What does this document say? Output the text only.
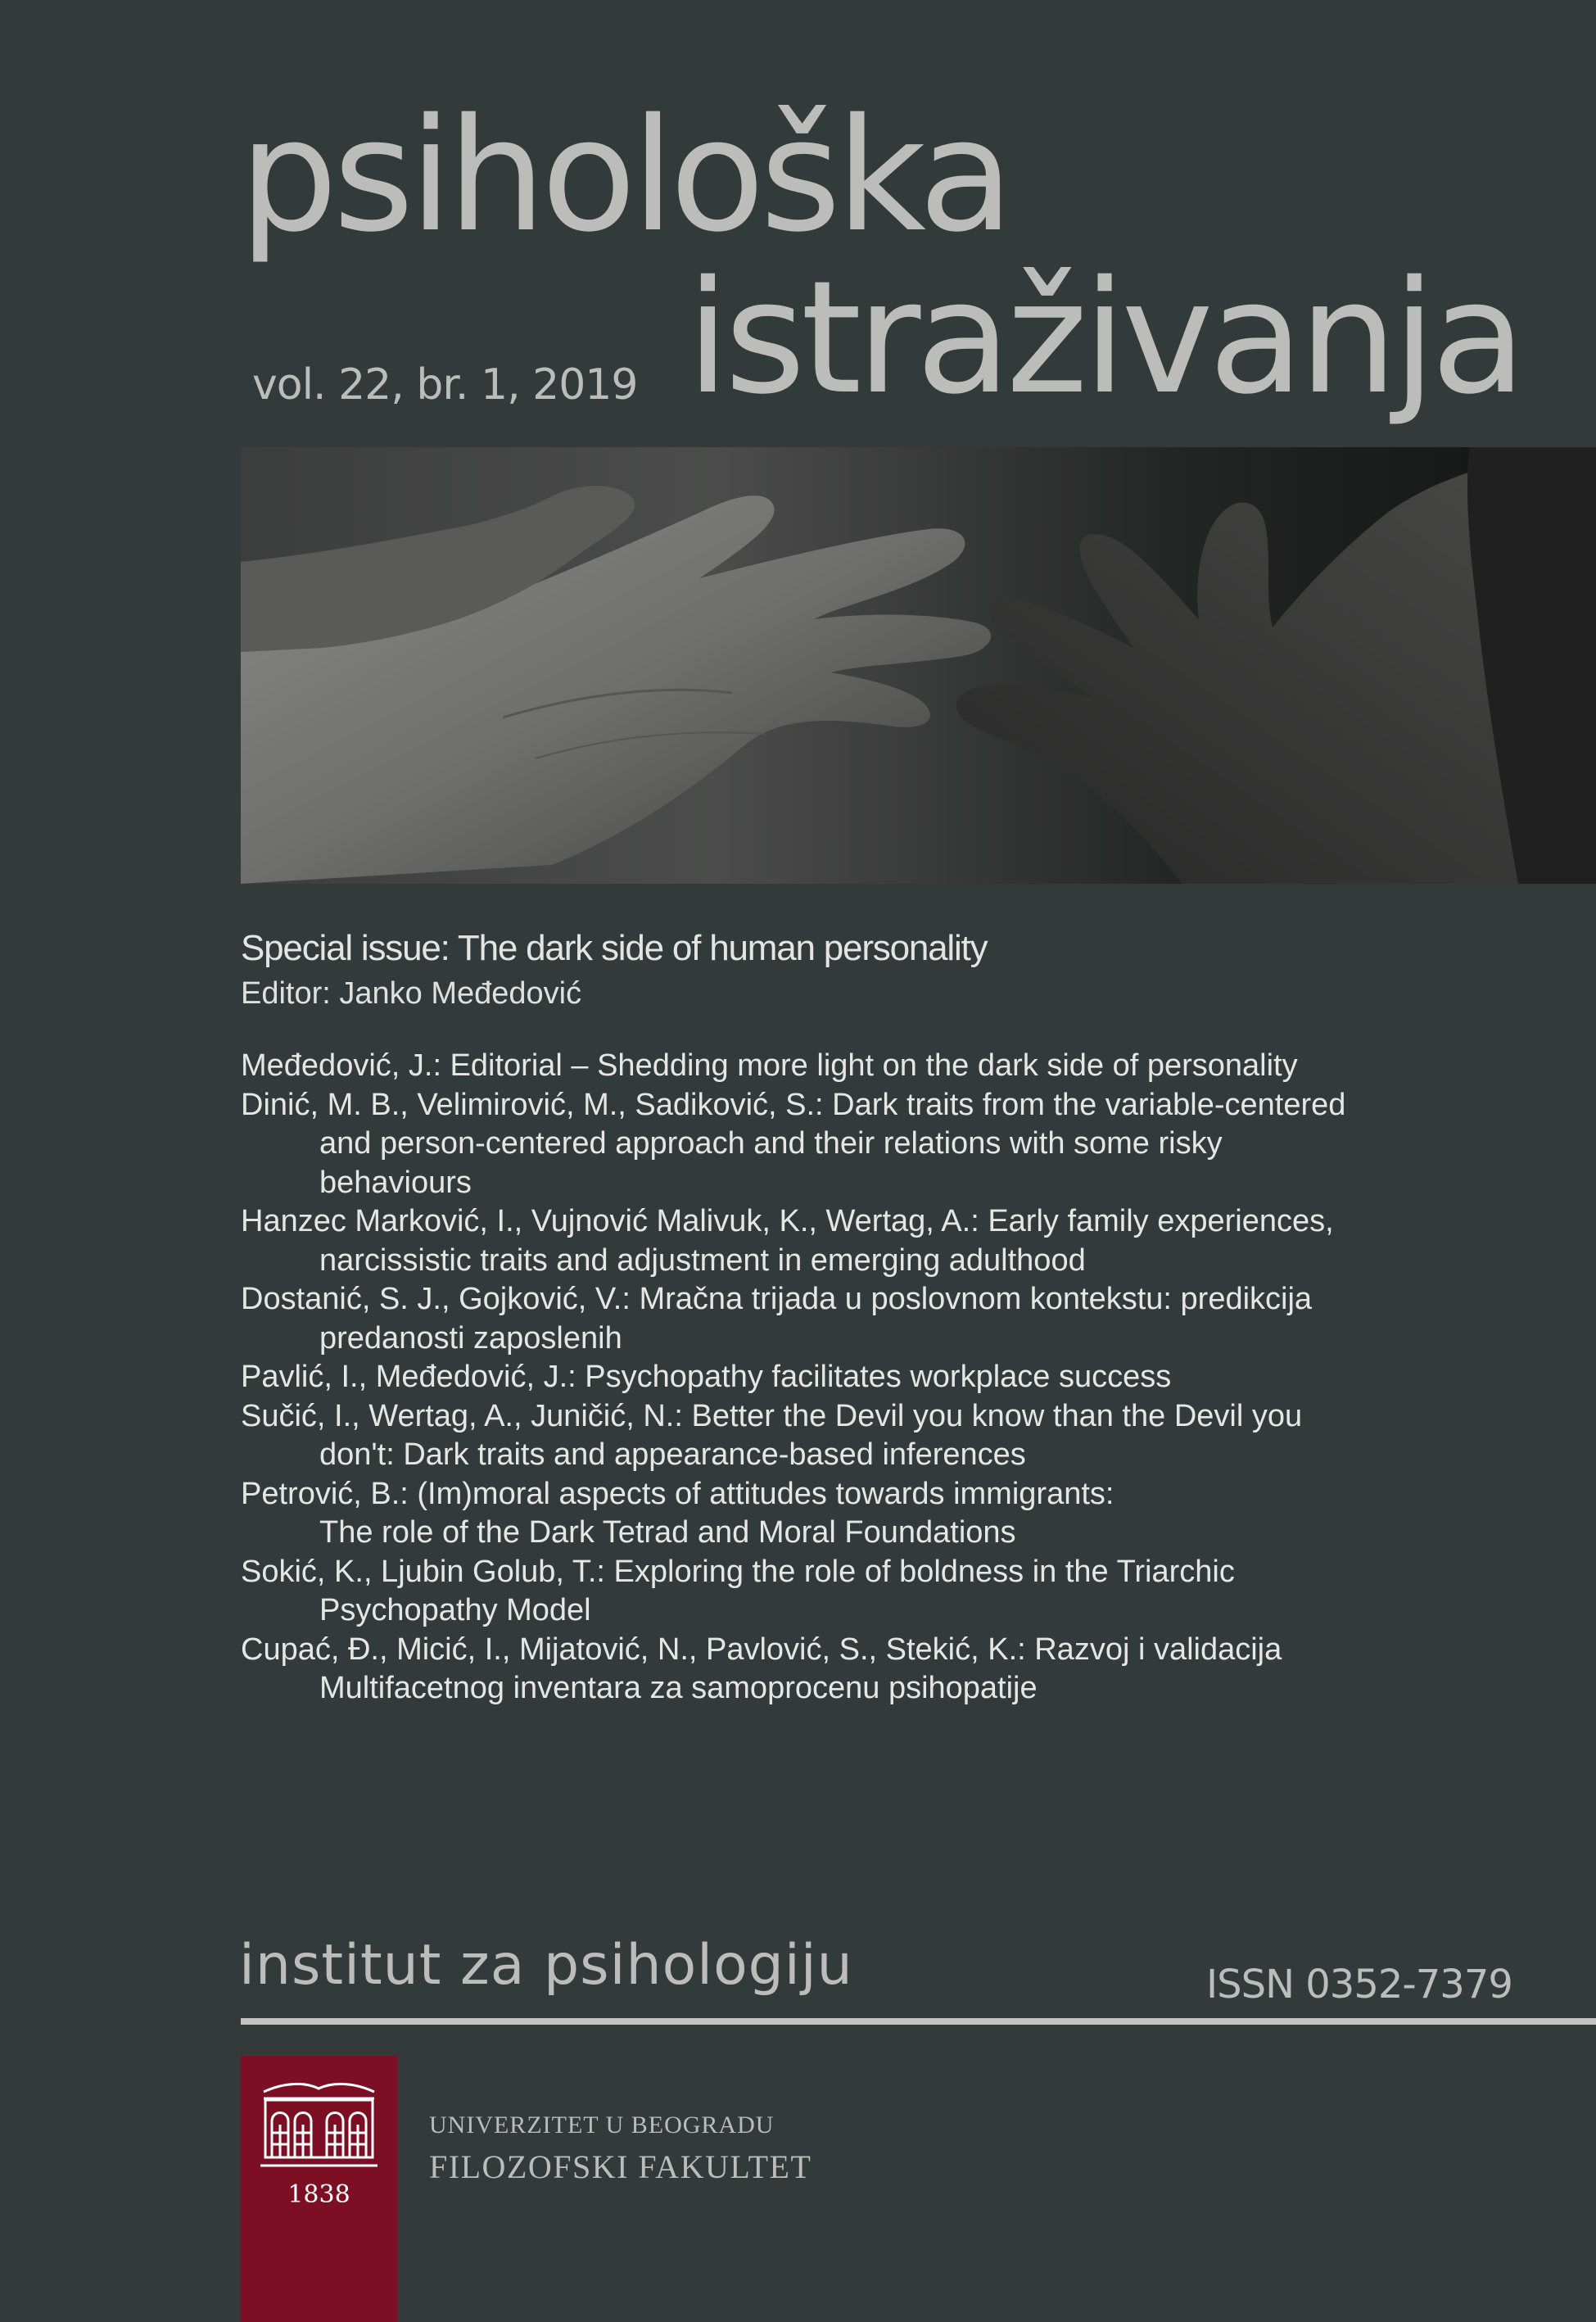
psihološka
istraživanja
vol. 22, br. 1, 2019
Special issue: The dark side of human personality
Editor: Janko Međedović
Međedović, J.: Editorial – Shedding more light on the dark side of personality
Dinić, M. B., Velimirović, M., Sadiković, S.: Dark traits from the variable-centered
and person-centered approach and their relations with some risky
behaviours
Hanzec Marković, I., Vujnović Malivuk, K., Wertag, A.: Early family experiences,
narcissistic traits and adjustment in emerging adulthood
Dostanić, S. J., Gojković, V.: Mračna trijada u poslovnom kontekstu: predikcija
predanosti zaposlenih
Pavlić, I., Međedović, J.: Psychopathy facilitates workplace success
Sučić, I., Wertag, A., Juničić, N.: Better the Devil you know than the Devil you
don't: Dark traits and appearance-based inferences
Petrović, B.: (Im)moral aspects of attitudes towards immigrants:
The role of the Dark Tetrad and Moral Foundations
Sokić, K., Ljubin Golub, T.: Exploring the role of boldness in the Triarchic
Psychopathy Model
Cupać, Đ., Micić, I., Mijatović, N., Pavlović, S., Stekić, K.: Razvoj i validacija
Multifacetnog inventara za samoprocenu psihopatije
institut za psihologiju	ISSN 0352-7379
1838
UNIVERZITET U BEOGRADU
FILOZOFSKI FAKULTET
